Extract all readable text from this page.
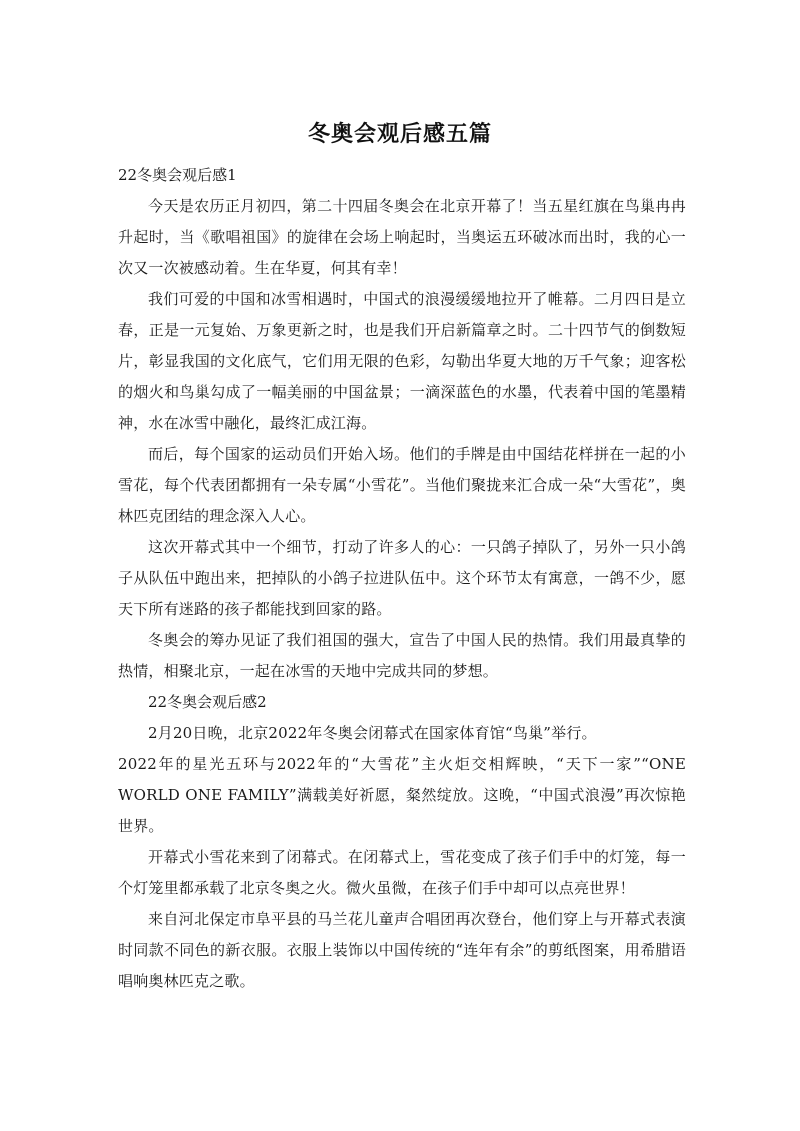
冬奥会观后感五篇

22冬奥会观后感1

今天是农历正月初四，第二十四届冬奥会在北京开幕了！当五星红旗在鸟巢冉冉升起时，当《歌唱祖国》的旋律在会场上响起时，当奥运五环破冰而出时，我的心一次又一次被感动着。生在华夏，何其有幸！

我们可爱的中国和冰雪相遇时，中国式的浪漫缓缓地拉开了帷幕。二月四日是立春，正是一元复始、万象更新之时，也是我们开启新篇章之时。二十四节气的倒数短片，彰显我国的文化底气，它们用无限的色彩，勾勒出华夏大地的万千气象；迎客松的烟火和鸟巢勾成了一幅美丽的中国盆景；一滴深蓝色的水墨，代表着中国的笔墨精神，水在冰雪中融化，最终汇成江海。

而后，每个国家的运动员们开始入场。他们的手牌是由中国结花样拼在一起的小雪花，每个代表团都拥有一朵专属“小雪花”。当他们聚拢来汇合成一朵“大雪花”，奥林匹克团结的理念深入人心。

这次开幕式其中一个细节，打动了许多人的心：一只鸽子掉队了，另外一只小鸽子从队伍中跑出来，把掉队的小鸽子拉进队伍中。这个环节太有寓意，一鸽不少，愿天下所有迷路的孩子都能找到回家的路。

冬奥会的筹办见证了我们祖国的强大，宣告了中国人民的热情。我们用最真挚的热情，相聚北京，一起在冰雪的天地中完成共同的梦想。

22冬奥会观后感2

2月20日晚，北京2022年冬奥会闭幕式在国家体育馆“鸟巢”举行。

2022年的星光五环与2022年的“大雪花”主火炬交相辉映，“天下一家”“ONE WORLD ONE FAMILY”满载美好祈愿，粲然绽放。这晚，“中国式浪漫”再次惊艳世界。

开幕式小雪花来到了闭幕式。在闭幕式上，雪花变成了孩子们手中的灯笼，每一个灯笼里都承载了北京冬奥之火。微火虽微，在孩子们手中却可以点亮世界！

来自河北保定市阜平县的马兰花儿童声合唱团再次登台，他们穿上与开幕式表演时同款不同色的新衣服。衣服上装饰以中国传统的“连年有余”的剪纸图案，用希腊语唱响奥林匹克之歌。
